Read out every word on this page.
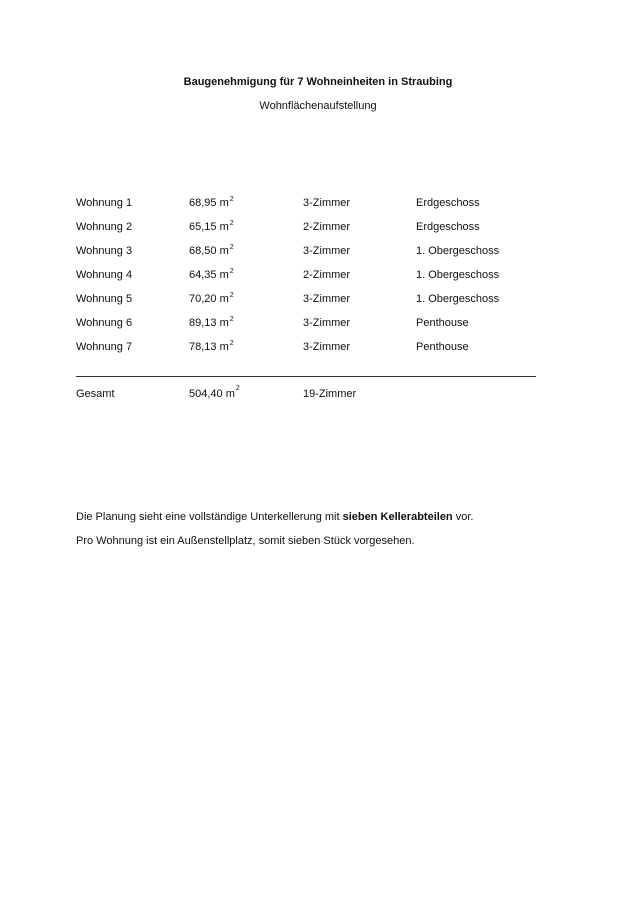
Baugenehmigung für 7 Wohneinheiten in Straubing
Wohnflächenaufstellung
Wohnung 1	68,95 $m^2$	3-Zimmer	Erdgeschoss
Wohnung 2	65,15 $m^2$	2-Zimmer	Erdgeschoss
Wohnung 3	68,50 $m^2$	3-Zimmer	1. Obergeschoss
Wohnung 4	64,35 $m^2$	2-Zimmer	1. Obergeschoss
Wohnung 5	70,20 $m^2$	3-Zimmer	1. Obergeschoss
Wohnung 6	89,13 $m^2$	3-Zimmer	Penthouse
Wohnung 7	78,13 $m^2$	3-Zimmer	Penthouse
Gesamt	504,40 $m^2$	19-Zimmer
Die Planung sieht eine vollständige Unterkellerung mit sieben Kellerabteilen vor.
Pro Wohnung ist ein Außenstellplatz, somit sieben Stück vorgesehen.
